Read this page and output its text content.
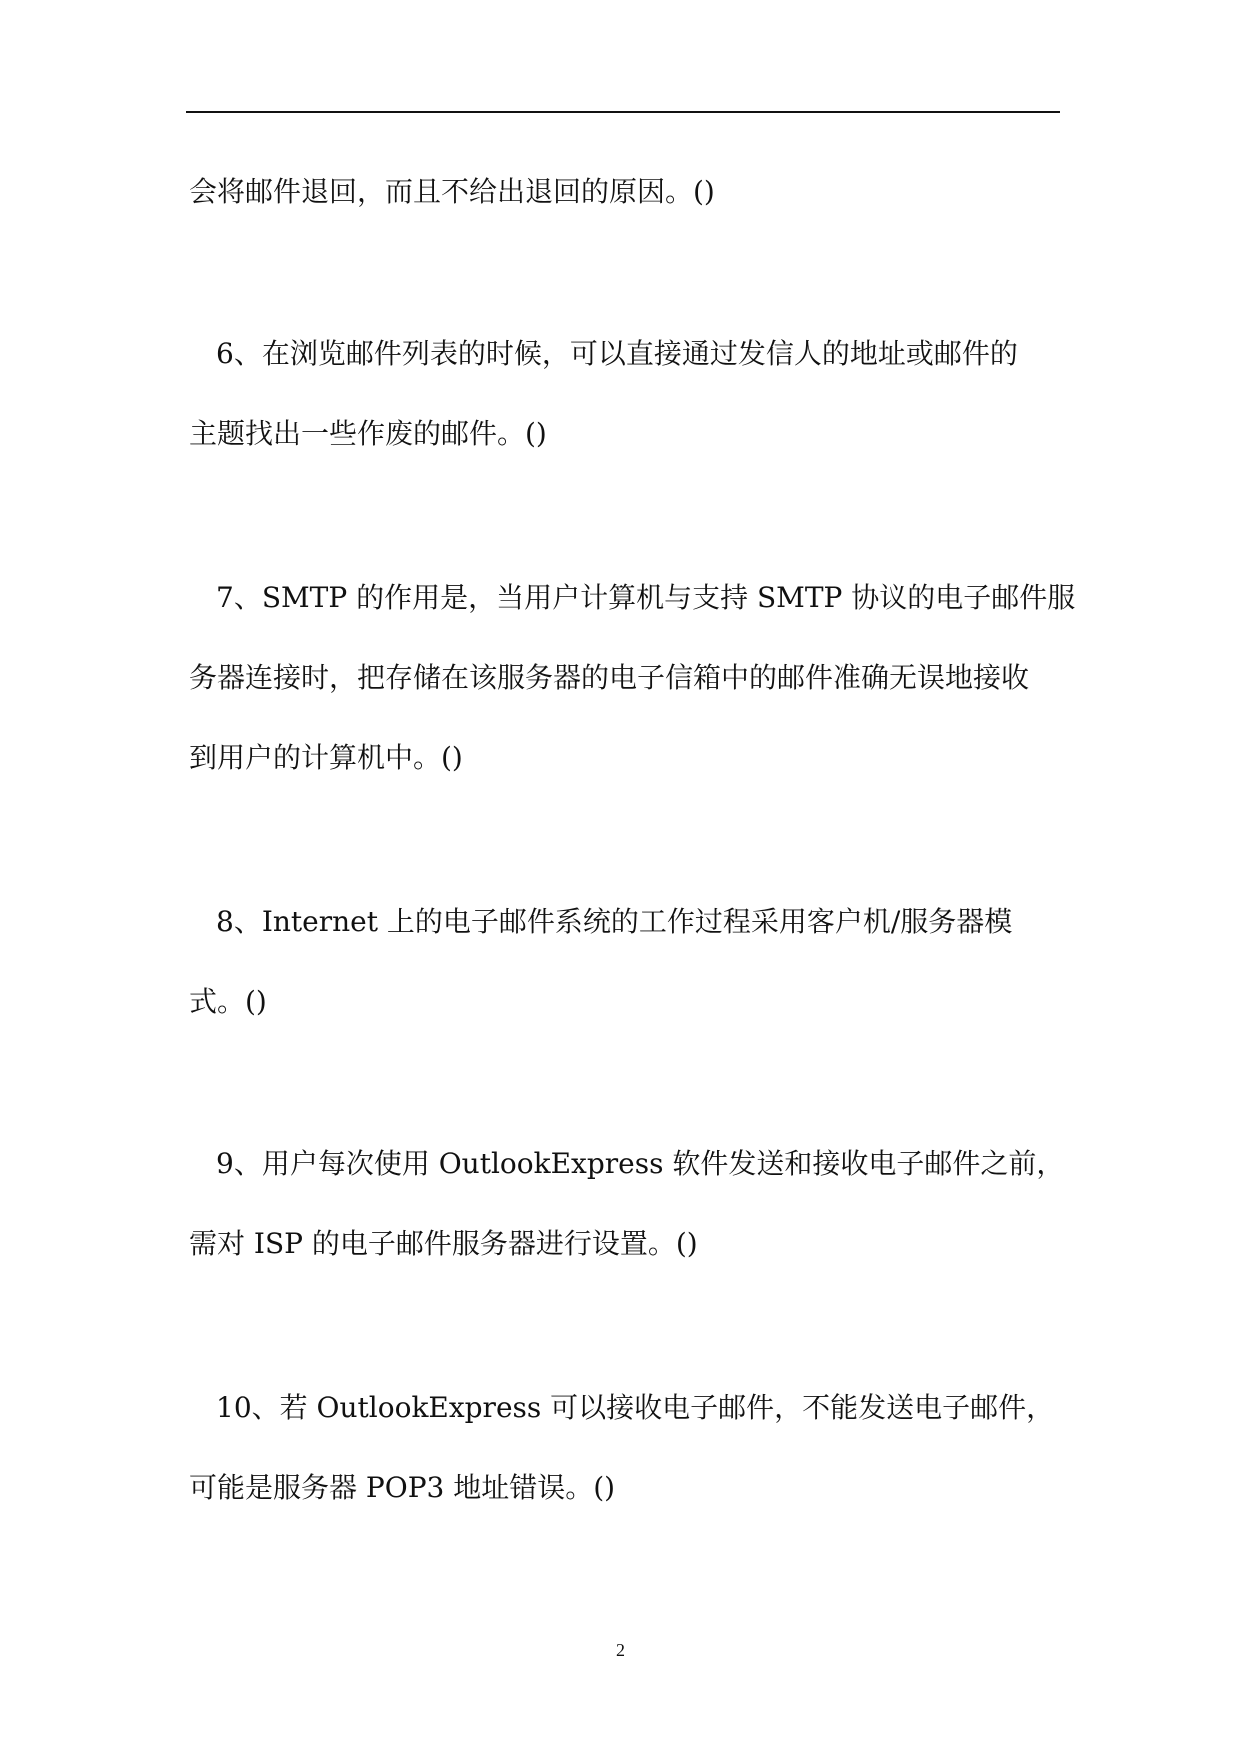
会将邮件退回，而且不给出退回的原因。()
6、在浏览邮件列表的时候，可以直接通过发信人的地址或邮件的
主题找出一些作废的邮件。()
7、SMTP 的作用是，当用户计算机与支持 SMTP 协议的电子邮件服
务器连接时，把存储在该服务器的电子信箱中的邮件准确无误地接收
到用户的计算机中。()
8、Internet 上的电子邮件系统的工作过程采用客户机/服务器模
式。()
9、用户每次使用 OutlookExpress 软件发送和接收电子邮件之前，
需对 ISP 的电子邮件服务器进行设置。()
10、若 OutlookExpress 可以接收电子邮件，不能发送电子邮件，
可能是服务器 POP3 地址错误。()
2
